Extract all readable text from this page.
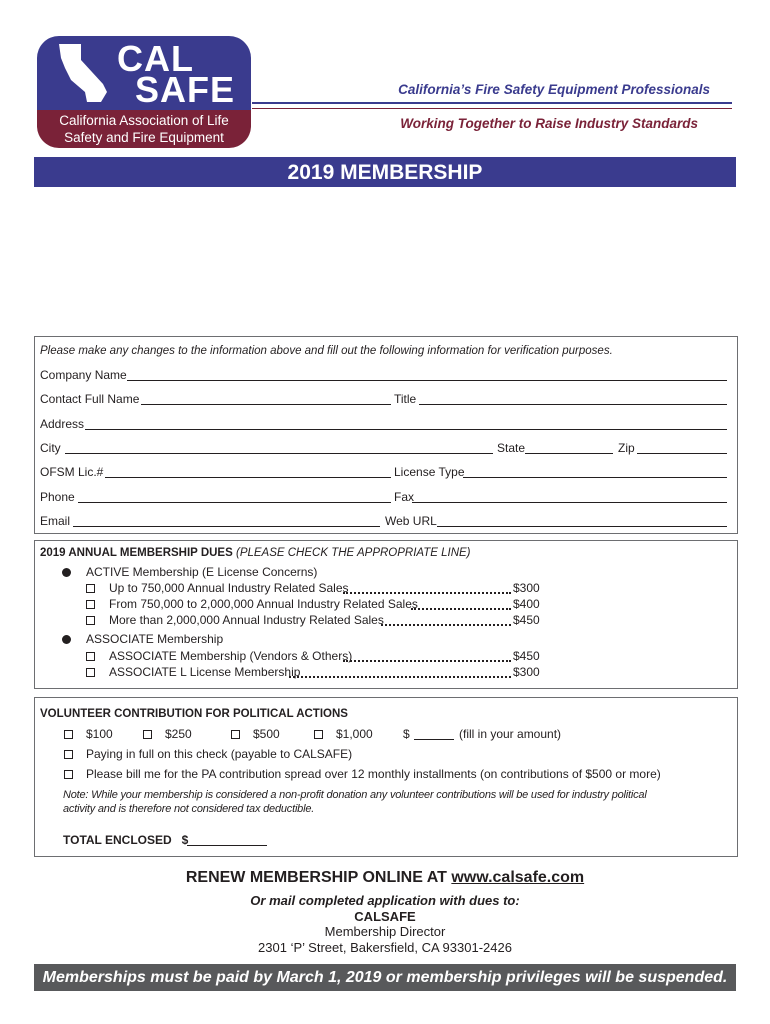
CAL
SAFE
California Association of Life
Safety and Fire Equipment
California’s Fire Safety Equipment Professionals
Working Together to Raise Industry Standards
2019 MEMBERSHIP
Please make any changes to the information above and fill out the following information for verification purposes.
Company Name
Contact Full Name	Title
Address
City	State	Zip
OFSM Lic.#	License Type
Phone	Fax
Email	Web URL
2019 ANNUAL MEMBERSHIP DUES (PLEASE CHECK THE APPROPRIATE LINE)
ACTIVE Membership (E License Concerns)
Up to 750,000 Annual Industry Related Sales	$300
From 750,000 to 2,000,000 Annual Industry Related Sales	$400
More than 2,000,000 Annual Industry Related Sales	$450
ASSOCIATE Membership
ASSOCIATE Membership (Vendors & Others)	$450
ASSOCIATE L License Membership	$300
VOLUNTEER CONTRIBUTION FOR POLITICAL ACTIONS
$100	$250	$500	$1,000	$	(fill in your amount)
Paying in full on this check (payable to CALSAFE)
Please bill me for the PA contribution spread over 12 monthly installments (on contributions of $500 or more)
Note: While your membership is considered a non-profit donation any volunteer contributions will be used for industry political
activity and is therefore not considered tax deductible.
TOTAL ENCLOSED   $
RENEW MEMBERSHIP ONLINE AT www.calsafe.com
Or mail completed application with dues to:
CALSAFE
Membership Director
2301 ‘P’ Street, Bakersfield, CA 93301-2426
Memberships must be paid by March 1, 2019 or membership privileges will be suspended.
